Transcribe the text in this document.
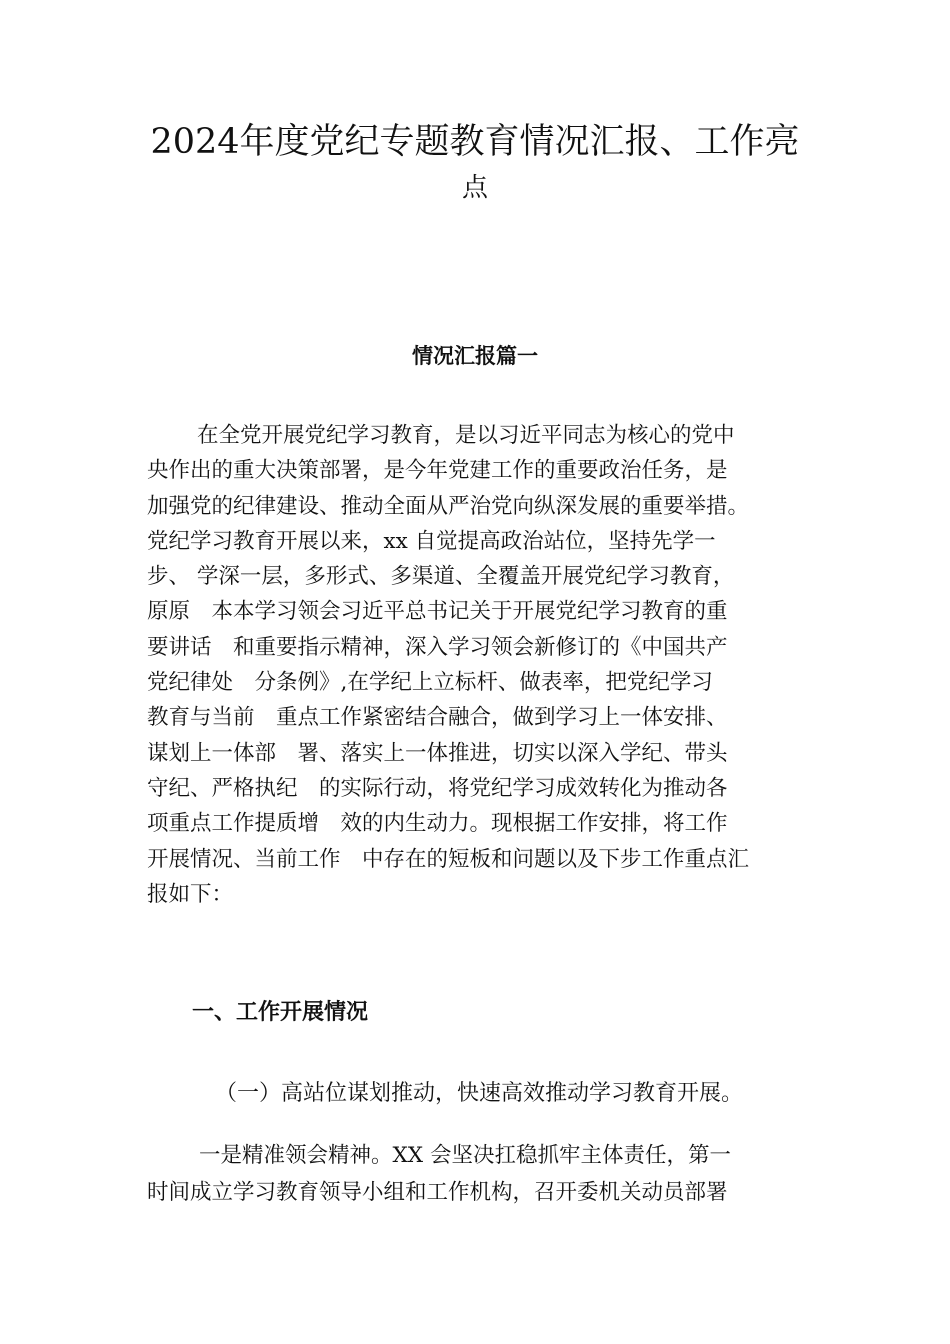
2024年度党纪专题教育情况汇报、工作亮
点
情况汇报篇一
在全党开展党纪学习教育，是以习近平同志为核心的党中
央作出的重大决策部署，是今年党建工作的重要政治任务，是
加强党的纪律建设、推动全面从严治党向纵深发展的重要举措。
党纪学习教育开展以来，xx 自觉提高政治站位，坚持先学一
步、 学深一层，多形式、多渠道、全覆盖开展党纪学习教育，
原原　本本学习领会习近平总书记关于开展党纪学习教育的重
要讲话　和重要指示精神，深入学习领会新修订的《中国共产
党纪律处　分条例》,在学纪上立标杆、做表率，把党纪学习
教育与当前　重点工作紧密结合融合，做到学习上一体安排、
谋划上一体部　署、落实上一体推进，切实以深入学纪、带头
守纪、严格执纪　的实际行动，将党纪学习成效转化为推动各
项重点工作提质增　效的内生动力。现根据工作安排，将工作
开展情况、当前工作　中存在的短板和问题以及下步工作重点汇
报如下：
一、工作开展情况
（一）高站位谋划推动，快速高效推动学习教育开展。
一是精准领会精神。XX 会坚决扛稳抓牢主体责任，第一
时间成立学习教育领导小组和工作机构，召开委机关动员部署
